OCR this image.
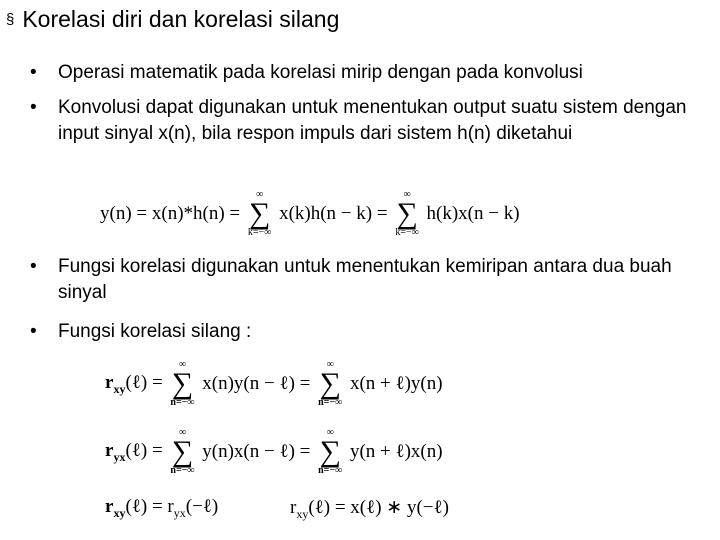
§ Korelasi diri dan korelasi silang
• Operasi matematik pada korelasi mirip dengan pada konvolusi
• Konvolusi dapat digunakan untuk menentukan output suatu sistem dengan input sinyal x(n), bila respon impuls dari sistem h(n) diketahui
• Fungsi korelasi digunakan untuk menentukan kemiripan antara dua buah sinyal
• Fungsi korelasi silang :
y(n) = x(n)*h(n) =
∞
∑
k=−∞
x(k)h(n − k) =
∞
∑
k=−∞
h(k)x(n − k)
$r_{xy}(\ell)$ =
∞
∑
n=−∞
x(n)y(n − ℓ) =
∞
∑
n=−∞
x(n + ℓ)y(n)
$r_{yx}(\ell)$ =
∞
∑
n=−∞
y(n)x(n − ℓ) =
∞
∑
n=−∞
y(n + ℓ)x(n)
$r_{xy}(\ell)$ = $r_{yx}(-\ell)$	$r_{xy}(\ell)$ = x(ℓ) ∗ y(−ℓ)
